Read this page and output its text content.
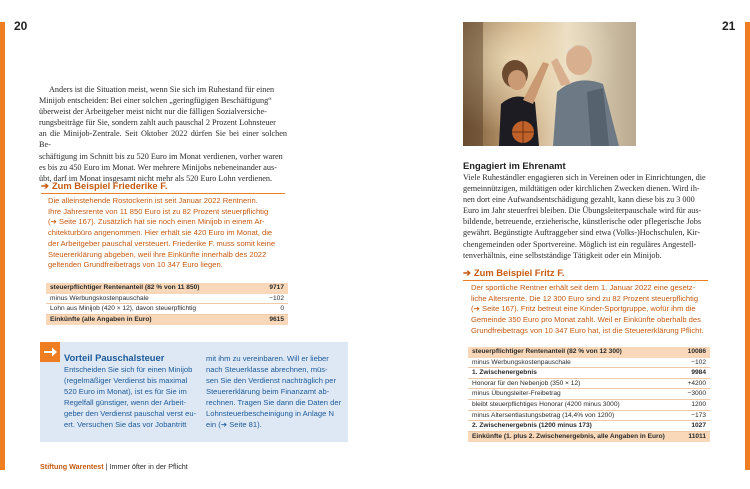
20	21

Anders ist die Situation meist, wenn Sie sich im Ruhestand für einen

Minijob entscheiden: Bei einer solchen „geringfügigen Beschäftigung“

überweist der Arbeitgeber meist nicht nur die fälligen Sozialversiche-

rungsbeiträge für Sie, sondern zahlt auch pauschal 2 Prozent Lohnsteuer

an die Minijob-Zentrale. Seit Oktober 2022 dürfen Sie bei einer solchen Be-

schäftigung im Schnitt bis zu 520 Euro im Monat verdienen, vorher waren

es bis zu 450 Euro im Monat. Wer mehrere Minijobs nebeneinander aus-

übt, darf im Monat insgesamt nicht mehr als 520 Euro Lohn verdienen.

➔ Zum Beispiel Friederike F.

Die alleinstehende Rostockerin ist seit Januar 2022 Rentnerin.

Ihre Jahresrente von 11 850 Euro ist zu 82 Prozent steuerpflichtig

(➔ Seite 167). Zusätzlich hat sie noch einen Minijob in einem Ar-

chitekturbüro angenommen. Hier erhält sie 420 Euro im Monat, die

der Arbeitgeber pauschal versteuert. Friederike F. muss somit keine

Steuererklärung abgeben, weil ihre Einkünfte innerhalb des 2022

geltenden Grundfreibetrags von 10 347 Euro liegen.

steuerpflichtiger Rentenanteil (82 % von 11 850)	9717
minus Werbungskostenpauschale	−102
Lohn aus Minijob (420 × 12), davon steuerpflichtig	0
Einkünfte (alle Angaben in Euro)	9615
Vorteil Pauschalsteuer

Entscheiden Sie sich für einen Minijob

(regelmäßiger Verdienst bis maximal

520 Euro im Monat), ist es für Sie im

Regelfall günstiger, wenn der Arbeit-

geber den Verdienst pauschal verst eu-

ert. Versuchen Sie das vor Jobantritt

mit ihm zu vereinbaren. Will er lieber

nach Steuerklasse abrechnen, müs-

sen Sie den Verdienst nachträglich per

Steuererklärung beim Finanzamt ab-

rechnen. Tragen Sie dann die Daten der

Lohnsteuerbescheinigung in Anlage N

ein (➔ Seite 81).

Stiftung Warentest | Immer öfter in der Pflicht
Engagiert im Ehrenamt

Viele Ruheständler engagieren sich in Vereinen oder in Einrichtungen, die

gemeinnützigen, mildtätigen oder kirchlichen Zwecken dienen. Wird ih-

nen dort eine Aufwandsentschädigung gezahlt, kann diese bis zu 3 000

Euro im Jahr steuerfrei bleiben. Die Übungsleiterpauschale wird für aus-

bildende, betreuende, erzieherische, künstlerische oder pflegerische Jobs

gewährt. Begünstigte Auftraggeber sind etwa (Volks-)Hochschulen, Kir-

chengemeinden oder Sportvereine. Möglich ist ein reguläres Angestell-

tenverhältnis, eine selbstständige Tätigkeit oder ein Minijob.

➔ Zum Beispiel Fritz F.

Der sportliche Rentner erhält seit dem 1. Januar 2022 eine gesetz-

liche Altersrente. Die 12 300 Euro sind zu 82 Prozent steuerpflichtig

(➔ Seite 167). Fritz betreut eine Kinder-Sportgruppe, wofür ihm die

Gemeinde 350 Euro pro Monat zahlt. Weil er Einkünfte oberhalb des

Grundfreibetrags von 10 347 Euro hat, ist die Steuererklärung Pflicht.

steuerpflichtiger Rentenanteil (82 % von 12 300)	10086
minus Werbungskostenpauschale	−102
1. Zwischenergebnis	9984
Honorar für den Nebenjob (350 × 12)	+4200
minus Übungsleiter-Freibetrag	−3000
bleibt steuerpflichtiges Honorar (4200 minus 3000)	1200
minus Altersentlastungsbetrag (14,4% von 1200)	−173
2. Zwischenergebnis (1200 minus 173)	1027
Einkünfte (1. plus 2. Zwischenergebnis, alle Angaben in Euro)	11011
